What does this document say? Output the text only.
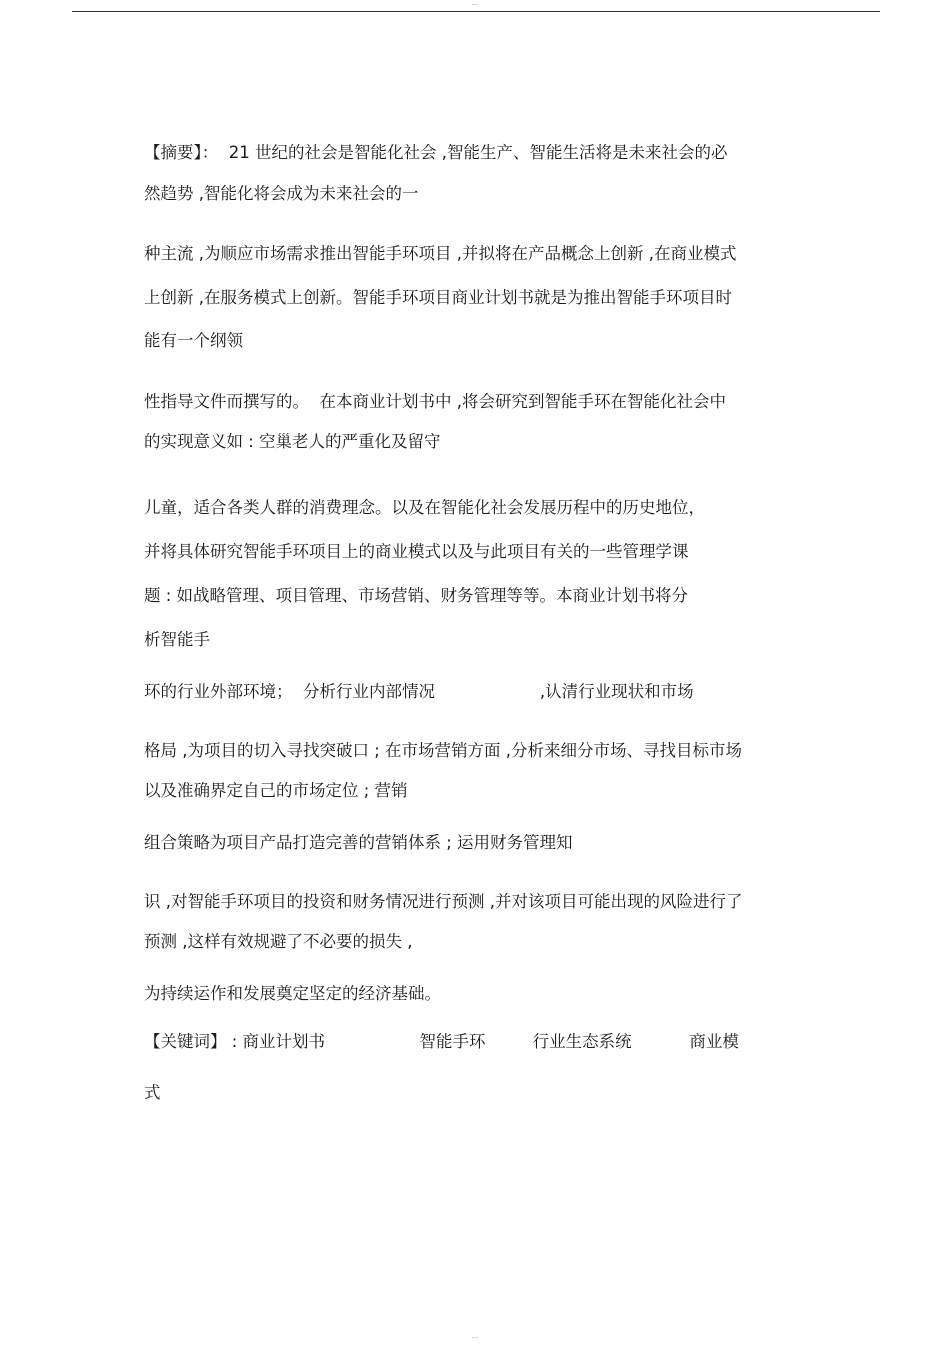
---
【摘要】：  21 世纪的社会是智能化社会 ,智能生产、智能生活将是未来社会的必
然趋势 ,智能化将会成为未来社会的一
种主流 ,为顺应市场需求推出智能手环项目 ,并拟将在产品概念上创新 ,在商业模式
上创新 ,在服务模式上创新。智能手环项目商业计划书就是为推出智能手环项目时
能有一个纲领
性指导文件而撰写的。  在本商业计划书中 ,将会研究到智能手环在智能化社会中
的实现意义如 : 空巢老人的严重化及留守
儿童，适合各类人群的消费理念。以及在智能化社会发展历程中的历史地位，
并将具体研究智能手环项目上的商业模式以及与此项目有关的一些管理学课
题 : 如战略管理、项目管理、市场营销、财务管理等等。本商业计划书将分
析智能手
环的行业外部环境；  分析行业内部情况                    ,认清行业现状和市场
格局 ,为项目的切入寻找突破口 ; 在市场营销方面 ,分析来细分市场、寻找目标市场
以及准确界定自己的市场定位 ; 营销
组合策略为项目产品打造完善的营销体系 ; 运用财务管理知
识 ,对智能手环项目的投资和财务情况进行预测 ,并对该项目可能出现的风险进行了
预测 ,这样有效规避了不必要的损失 ,
为持续运作和发展奠定坚定的经济基础。
【关键词】 : 商业计划书                  智能手环         行业生态系统           商业模
式
---
